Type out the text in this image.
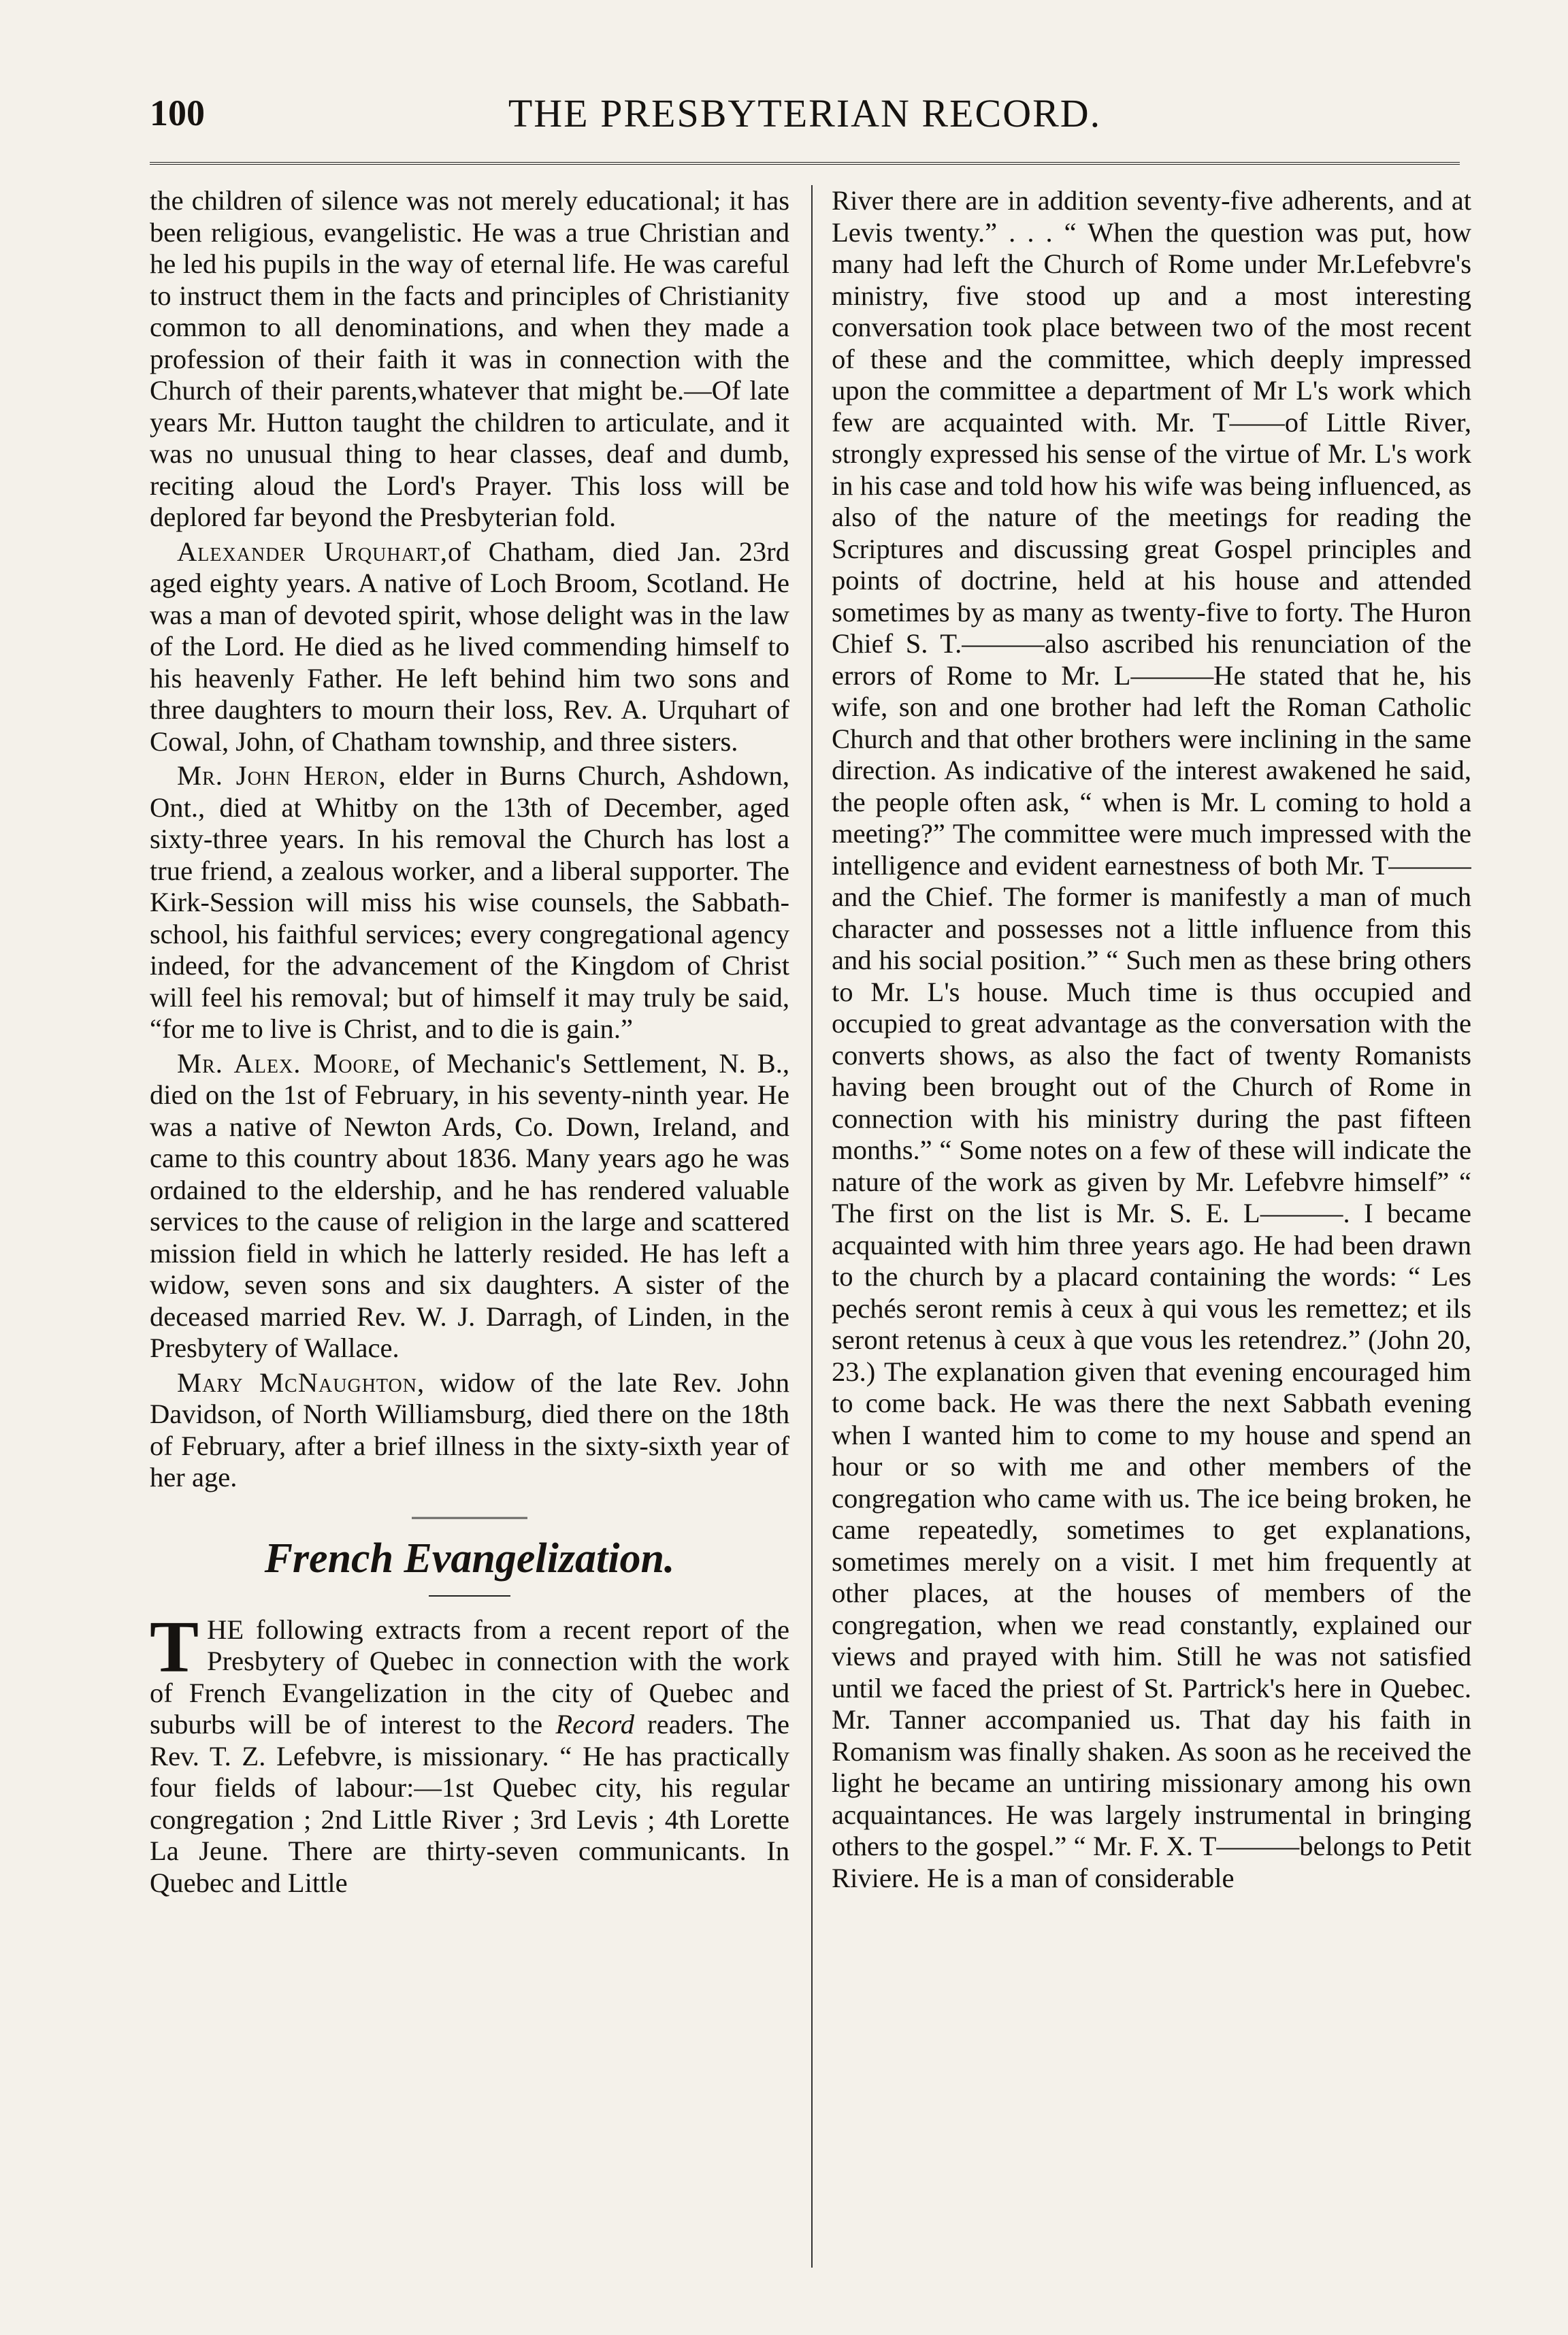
100	THE PRESBYTERIAN RECORD.

the children of silence was not merely educational; it has been religious, evangelistic. He was a true Christian and he led his pupils in the way of eternal life. He was careful to instruct them in the facts and principles of Christianity common to all denominations, and when they made a profession of their faith it was in connection with the Church of their parents,whatever that might be.—Of late years Mr. Hutton taught the children to articulate, and it was no unusual thing to hear classes, deaf and dumb, reciting aloud the Lord's Prayer. This loss will be deplored far beyond the Presbyterian fold.

Alexander Urquhart,of Chatham, died Jan. 23rd aged eighty years. A native of Loch Broom, Scotland. He was a man of devoted spirit, whose delight was in the law of the Lord. He died as he lived commending himself to his heavenly Father. He left behind him two sons and three daughters to mourn their loss, Rev. A. Urquhart of Cowal, John, of Chatham township, and three sisters.

Mr. John Heron, elder in Burns Church, Ashdown, Ont., died at Whitby on the 13th of December, aged sixty-three years. In his removal the Church has lost a true friend, a zealous worker, and a liberal supporter. The Kirk-Session will miss his wise counsels, the Sabbath-school, his faithful services; every congregational agency indeed, for the advancement of the Kingdom of Christ will feel his removal; but of himself it may truly be said, “for me to live is Christ, and to die is gain.”

Mr. Alex. Moore, of Mechanic's Settlement, N. B., died on the 1st of February, in his seventy-ninth year. He was a native of Newton Ards, Co. Down, Ireland, and came to this country about 1836. Many years ago he was ordained to the eldership, and he has rendered valuable services to the cause of religion in the large and scattered mission field in which he latterly resided. He has left a widow, seven sons and six daughters. A sister of the deceased married Rev. W. J. Darragh, of Linden, in the Presbytery of Wallace.

Mary McNaughton, widow of the late Rev. John Davidson, of North Williamsburg, died there on the 18th of February, after a brief illness in the sixty-sixth year of her age.

French Evangelization.

THE following extracts from a recent report of the Presbytery of Quebec in connection with the work of French Evangelization in the city of Quebec and suburbs will be of interest to the Record readers. The Rev. T. Z. Lefebvre, is missionary. “ He has practically four fields of labour:—1st Quebec city, his regular congregation ; 2nd Little River ; 3rd Levis ; 4th Lorette La Jeune. There are thirty-seven communicants. In Quebec and Little

River there are in addition seventy-five adherents, and at Levis twenty.” . . . “ When the question was put, how many had left the Church of Rome under Mr.Lefebvre's ministry, five stood up and a most interesting conversation took place between two of the most recent of these and the committee, which deeply impressed upon the committee a department of Mr L's work which few are acquainted with. Mr. T——of Little River, strongly expressed his sense of the virtue of Mr. L's work in his case and told how his wife was being influenced, as also of the nature of the meetings for reading the Scriptures and discussing great Gospel principles and points of doctrine, held at his house and attended sometimes by as many as twenty-five to forty. The Huron Chief S. T.———also ascribed his renunciation of the errors of Rome to Mr. L———He stated that he, his wife, son and one brother had left the Roman Catholic Church and that other brothers were inclining in the same direction. As indicative of the interest awakened he said, the people often ask, “ when is Mr. L coming to hold a meeting?” The committee were much impressed with the intelligence and evident earnestness of both Mr. T———and the Chief. The former is manifestly a man of much character and possesses not a little influence from this and his social position.” “ Such men as these bring others to Mr. L's house. Much time is thus occupied and occupied to great advantage as the conversation with the converts shows, as also the fact of twenty Romanists having been brought out of the Church of Rome in connection with his ministry during the past fifteen months.” “ Some notes on a few of these will indicate the nature of the work as given by Mr. Lefebvre himself” “ The first on the list is Mr. S. E. L———. I became acquainted with him three years ago. He had been drawn to the church by a placard containing the words: “ Les pechés seront remis à ceux à qui vous les remettez; et ils seront retenus à ceux à que vous les retendrez.” (John 20, 23.) The explanation given that evening encouraged him to come back. He was there the next Sabbath evening when I wanted him to come to my house and spend an hour or so with me and other members of the congregation who came with us. The ice being broken, he came repeatedly, sometimes to get explanations, sometimes merely on a visit. I met him frequently at other places, at the houses of members of the congregation, when we read constantly, explained our views and prayed with him. Still he was not satisfied until we faced the priest of St. Partrick's here in Quebec. Mr. Tanner accompanied us. That day his faith in Romanism was finally shaken. As soon as he received the light he became an untiring missionary among his own acquaintances. He was largely instrumental in bringing others to the gospel.” “ Mr. F. X. T———belongs to Petit Riviere. He is a man of considerable
